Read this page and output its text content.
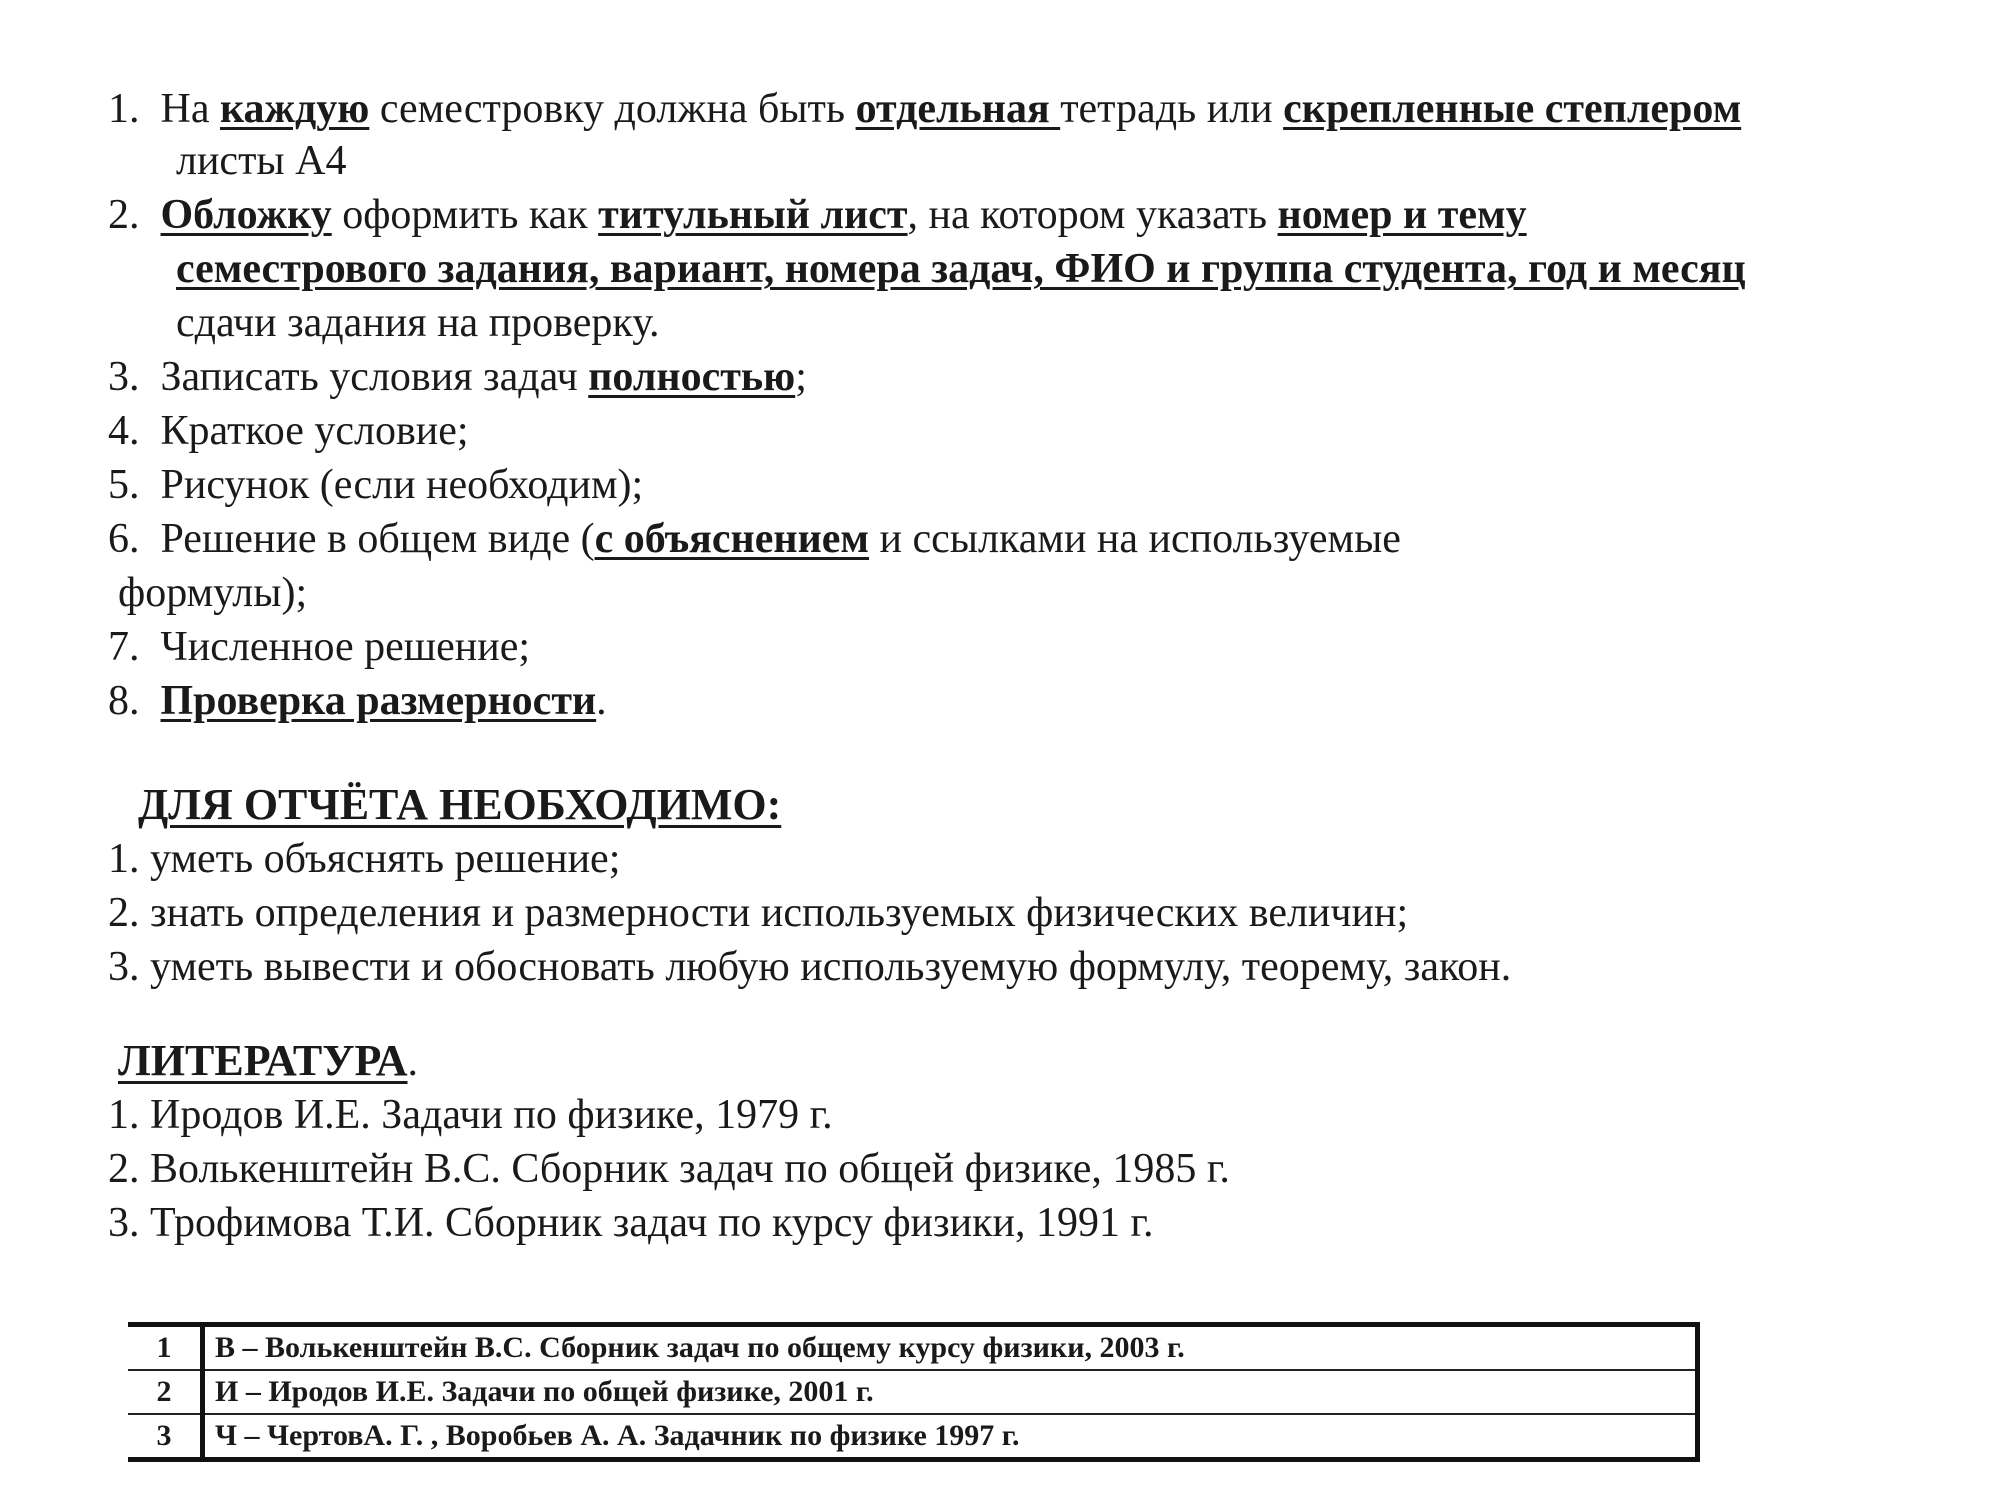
1. На каждую семестровку должна быть отдельная тетрадь или скрепленные степлером
листы А4
2. Обложку оформить как титульный лист, на котором указать номер и тему
семестрового задания, вариант, номера задач, ФИО и группа студента, год и месяц
сдачи задания на проверку.
3. Записать условия задач полностью;
4. Краткое условие;
5. Рисунок (если необходим);
6. Решение в общем виде (с объяснением и ссылками на используемые
формулы);
7. Численное решение;
8. Проверка размерности.
ДЛЯ ОТЧЁТА НЕОБХОДИМО:
1. уметь объяснять решение;
2. знать определения и размерности используемых физических величин;
3. уметь вывести и обосновать любую используемую формулу, теорему, закон.
ЛИТЕРАТУРА.
1. Иродов И.Е. Задачи по физике, 1979 г.
2. Волькенштейн В.С. Сборник задач по общей физике, 1985 г.
3. Трофимова Т.И. Сборник задач по курсу физики, 1991 г.
1	В – Волькенштейн В.С. Сборник задач по общему курсу физики, 2003 г.
2	И – Иродов И.Е. Задачи по общей физике, 2001 г.
3	Ч – ЧертовА. Г. , Воробьев А. А. Задачник по физике 1997 г.
